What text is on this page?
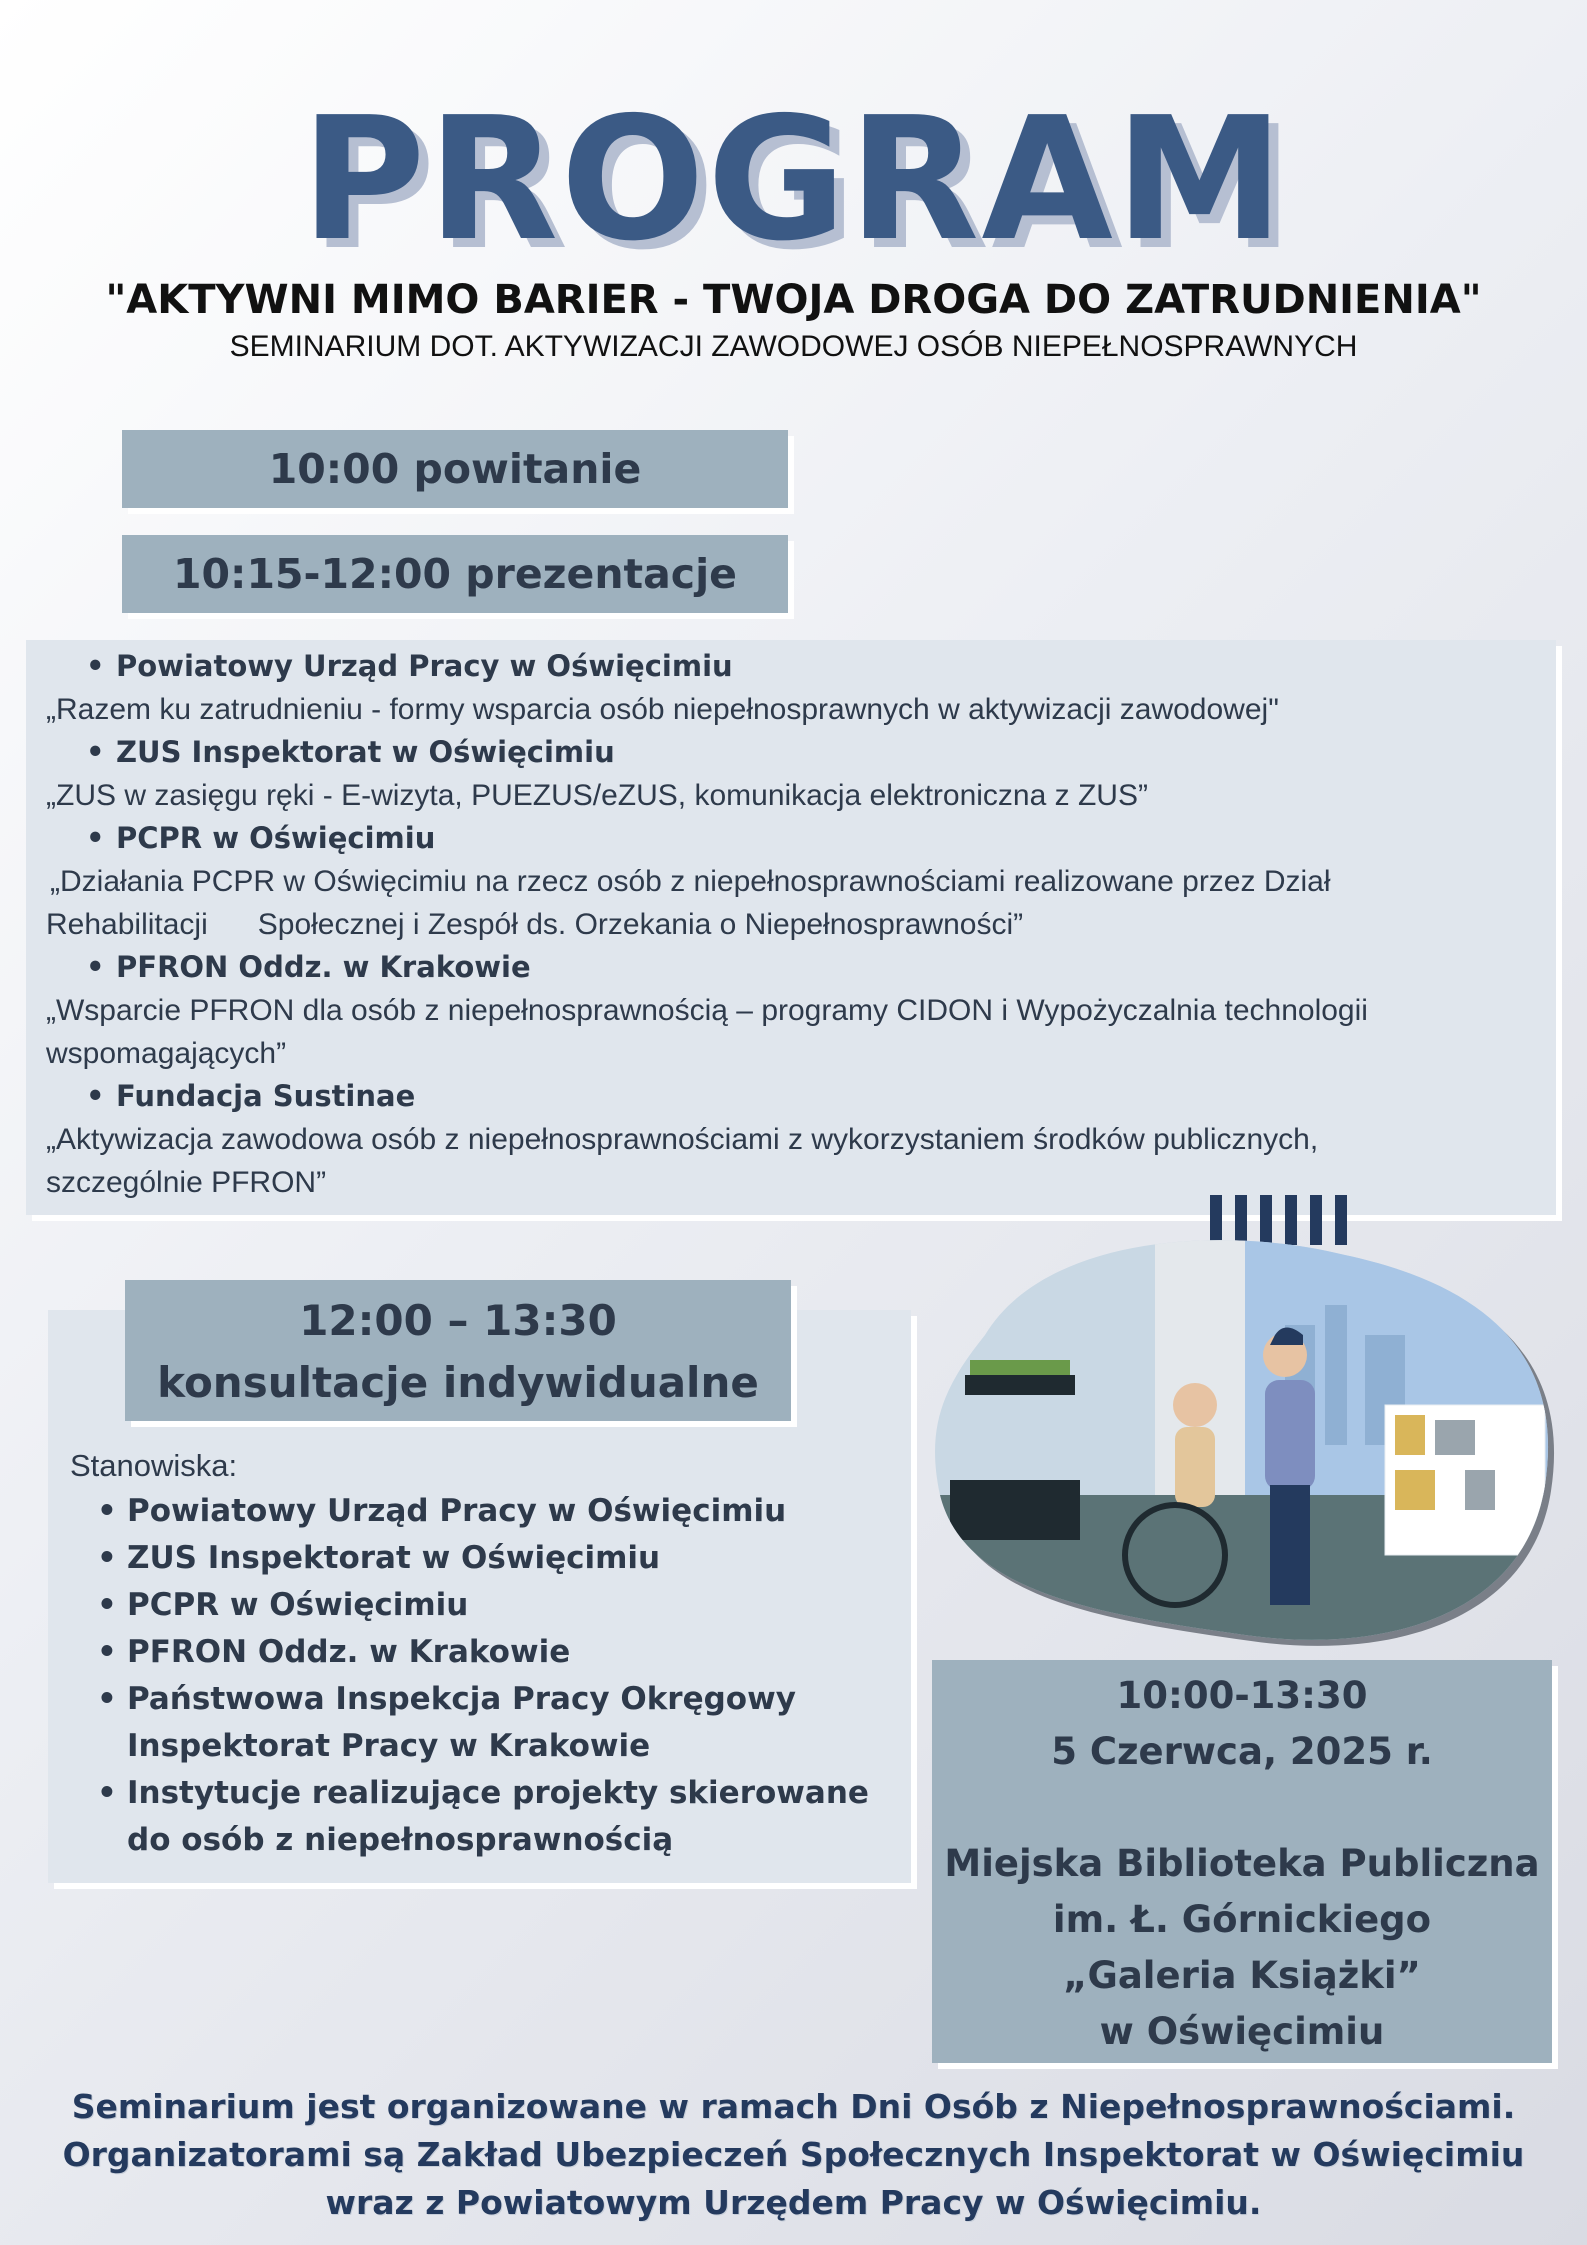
PROGRAM
"AKTYWNI MIMO BARIER - TWOJA DROGA DO ZATRUDNIENIA"
SEMINARIUM DOT. AKTYWIZACJI ZAWODOWEJ OSÓB NIEPEŁNOSPRAWNYCH
10:00 powitanie
10:15-12:00 prezentacje
• Powiatowy Urząd Pracy w Oświęcimiu
„Razem ku zatrudnieniu - formy wsparcia osób niepełnosprawnych w aktywizacji zawodowej"
• ZUS Inspektorat w Oświęcimiu
„ZUS w zasięgu ręki - E-wizyta, PUEZUS/eZUS, komunikacja elektroniczna z ZUS”
• PCPR w Oświęcimiu
„Działania PCPR w Oświęcimiu na rzecz osób z niepełnosprawnościami realizowane przez Dział
Rehabilitacji      Społecznej i Zespół ds. Orzekania o Niepełnosprawności”
• PFRON Oddz. w Krakowie
„Wsparcie PFRON dla osób z niepełnosprawnością – programy CIDON i Wypożyczalnia technologii
wspomagających”
• Fundacja Sustinae
„Aktywizacja zawodowa osób z niepełnosprawnościami z wykorzystaniem środków publicznych,
szczególnie PFRON”
12:00 – 13:30
konsultacje indywidualne
Stanowiska:
• Powiatowy Urząd Pracy w Oświęcimiu
• ZUS Inspektorat w Oświęcimiu
• PCPR w Oświęcimiu
• PFRON Oddz. w Krakowie
• Państwowa Inspekcja Pracy Okręgowy Inspektorat Pracy w Krakowie
• Instytucje realizujące projekty skierowane do osób z niepełnosprawnością
10:00-13:30
5 Czerwca, 2025 r.
Miejska Biblioteka Publiczna
im. Ł. Górnickiego
„Galeria Książki”
w Oświęcimiu
Seminarium jest organizowane w ramach Dni Osób z Niepełnosprawnościami.
Organizatorami są Zakład Ubezpieczeń Społecznych Inspektorat w Oświęcimiu
wraz z Powiatowym Urzędem Pracy w Oświęcimiu.
